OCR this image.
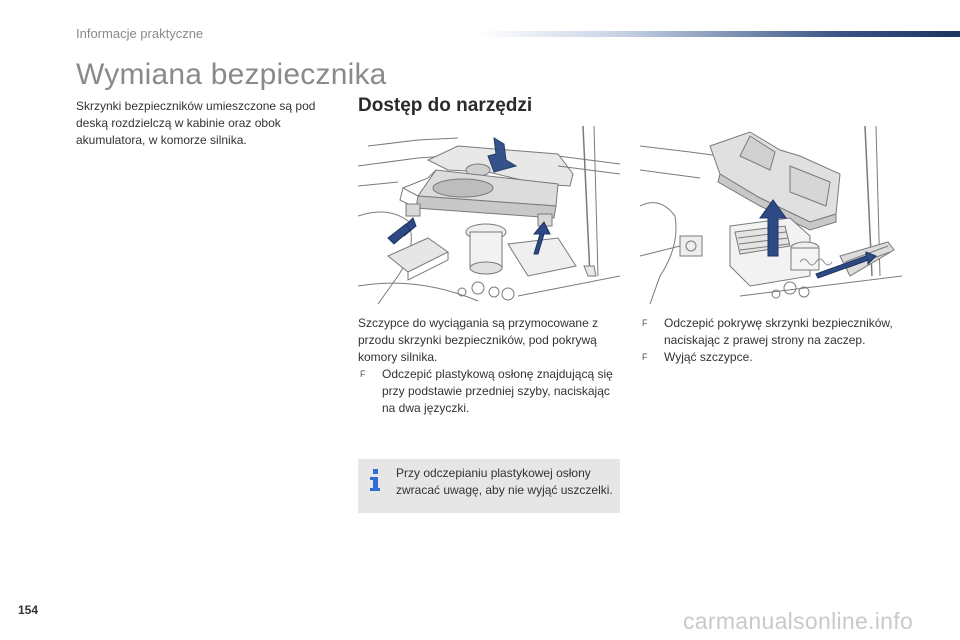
Informacje praktyczne
Wymiana bezpiecznika

Skrzynki bezpieczników umieszczone są pod deską rozdzielczą w kabinie oraz obok akumulatora, w komorze silnika.

Dostęp do narzędzi

Szczypce do wyciągania są przymocowane z przodu skrzynki bezpieczników, pod pokrywą komory silnika.

F Odczepić plastykową osłonę znajdującą się przy podstawie przedniej szyby, naciskając na dwa języczki.
F Odczepić pokrywę skrzynki bezpieczników, naciskając z prawej strony na zaczep.
F Wyjąć szczypce.

Przy odczepianiu plastykowej osłony zwracać uwagę, aby nie wyjąć uszczelki.

154	carmanualsonline.info
